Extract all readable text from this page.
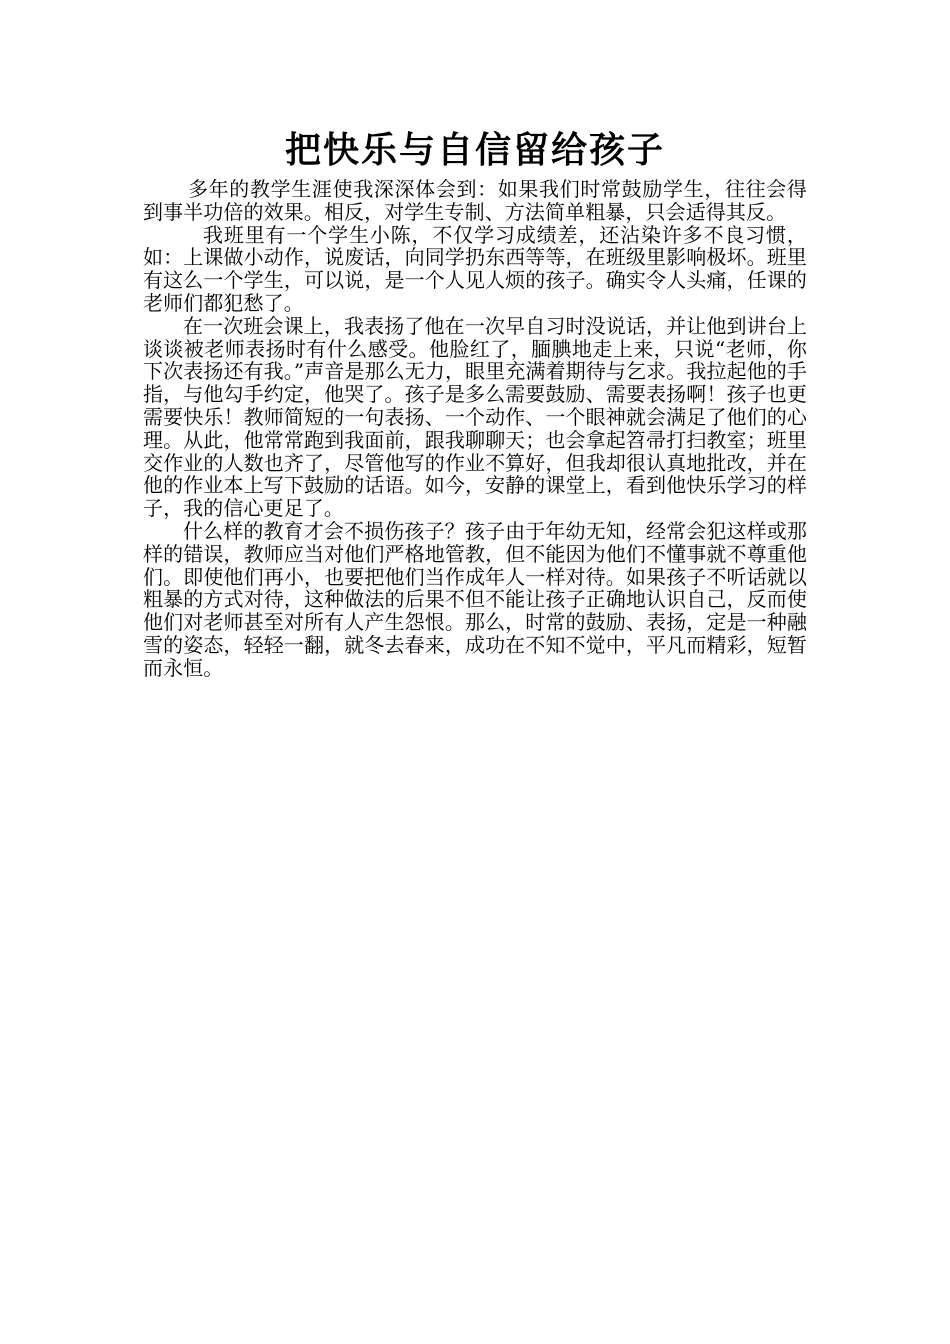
把快乐与自信留给孩子

多年的教学生涯使我深深体会到：如果我们时常鼓励学生，往往会得到事半功倍的效果。相反，对学生专制、方法简单粗暴，只会适得其反。

我班里有一个学生小陈，不仅学习成绩差，还沾染许多不良习惯，如：上课做小动作，说废话，向同学扔东西等等，在班级里影响极坏。班里有这么一个学生，可以说，是一个人见人烦的孩子。确实令人头痛，任课的老师们都犯愁了。

在一次班会课上，我表扬了他在一次早自习时没说话，并让他到讲台上谈谈被老师表扬时有什么感受。他脸红了，腼腆地走上来，只说“老师，你下次表扬还有我。”声音是那么无力，眼里充满着期待与乞求。我拉起他的手指，与他勾手约定，他哭了。孩子是多么需要鼓励、需要表扬啊！孩子也更需要快乐！教师简短的一句表扬、一个动作、一个眼神就会满足了他们的心理。从此，他常常跑到我面前，跟我聊聊天；也会拿起笤帚打扫教室；班里交作业的人数也齐了，尽管他写的作业不算好，但我却很认真地批改，并在他的作业本上写下鼓励的话语。如今，安静的课堂上，看到他快乐学习的样子，我的信心更足了。

什么样的教育才会不损伤孩子？孩子由于年幼无知，经常会犯这样或那样的错误，教师应当对他们严格地管教，但不能因为他们不懂事就不尊重他们。即使他们再小，也要把他们当作成年人一样对待。如果孩子不听话就以粗暴的方式对待，这种做法的后果不但不能让孩子正确地认识自己，反而使他们对老师甚至对所有人产生怨恨。那么，时常的鼓励、表扬，定是一种融雪的姿态，轻轻一翻，就冬去春来，成功在不知不觉中，平凡而精彩，短暂而永恒。
